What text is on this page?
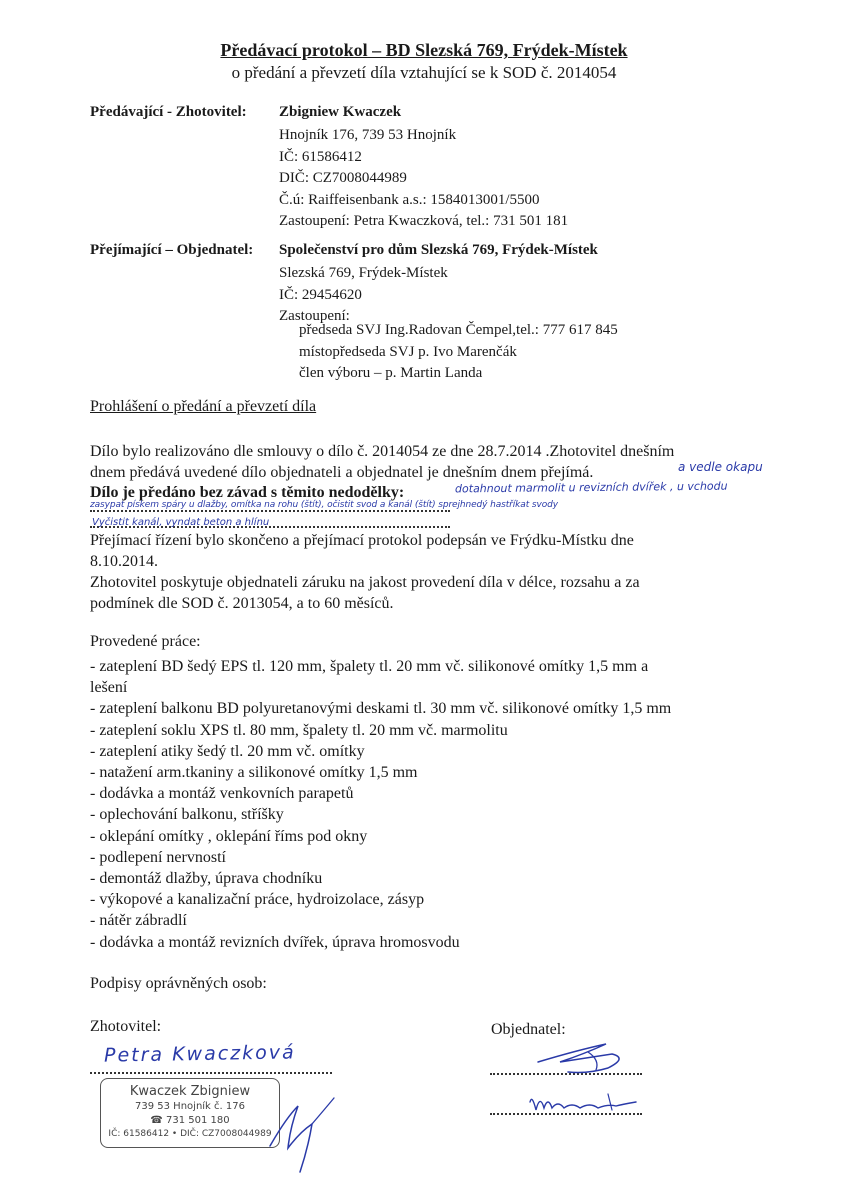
Předávací protokol – BD Slezská 769, Frýdek-Místek
o předání a převzetí díla vztahující se k SOD č. 2014054
Předávající - Zhotovitel: Zbigniew Kwaczek
Hnojník 176, 739 53 Hnojník
IČ: 61586412
DIČ: CZ7008044989
Č.ú: Raiffeisenbank a.s.: 1584013001/5500
Zastoupení: Petra Kwaczková, tel.: 731 501 181
Přejímající – Objednatel: Společenství pro dům Slezská 769, Frýdek-Místek
Slezská 769, Frýdek-Místek
IČ: 29454620
Zastoupení:
předseda SVJ Ing.Radovan Čempel,tel.: 777 617 845
místopředseda SVJ p. Ivo Marenčák
člen výboru – p. Martin Landa
Prohlášení o předání a převzetí díla
Dílo bylo realizováno dle smlouvy o dílo č. 2014054 ze dne 28.7.2014 .Zhotovitel dnešním
dnem předává uvedené dílo objednateli a objednatel je dnešním dnem přejímá.	a vedle okapu
Dílo je předáno bez závad s těmito nedodělky:	dotahnout marmolit u revizních dvířek , u vchodu
zasypat pískem spáry u dlažby, omítka na rohu (štít), očistit svod a kanál (štít) sprejhnedý hastříkat svody
Vyčistit kanál, vyndat beton a hlínu
Přejímací řízení bylo skončeno a přejímací protokol podepsán ve Frýdku-Místku dne
8.10.2014.
Zhotovitel poskytuje objednateli záruku na jakost provedení díla v délce, rozsahu a za
podmínek dle SOD č. 2013054, a to 60 měsíců.
Provedené práce:
- zateplení BD šedý EPS tl. 120 mm, špalety tl. 20 mm vč. silikonové omítky 1,5 mm a
lešení
- zateplení balkonu BD polyuretanovými deskami tl. 30 mm vč. silikonové omítky 1,5 mm
- zateplení soklu XPS tl. 80 mm, špalety tl. 20 mm vč. marmolitu
- zateplení atiky šedý tl. 20 mm vč. omítky
- natažení arm.tkaniny a silikonové omítky 1,5 mm
- dodávka a montáž venkovních parapetů
- oplechování balkonu, stříšky
- oklepání omítky , oklepání říms pod okny
- podlepení nervností
- demontáž dlažby, úprava chodníku
- výkopové a kanalizační práce, hydroizolace, zásyp
- nátěr zábradlí
- dodávka a montáž revizních dvířek, úprava hromosvodu
Podpisy oprávněných osob:
Zhotovitel:	Objednatel:
Petra Kwaczková
Kwaczek Zbigniew
739 53 Hnojník č. 176
☎ 731 501 180
IČ: 61586412 • DIČ: CZ7008044989
